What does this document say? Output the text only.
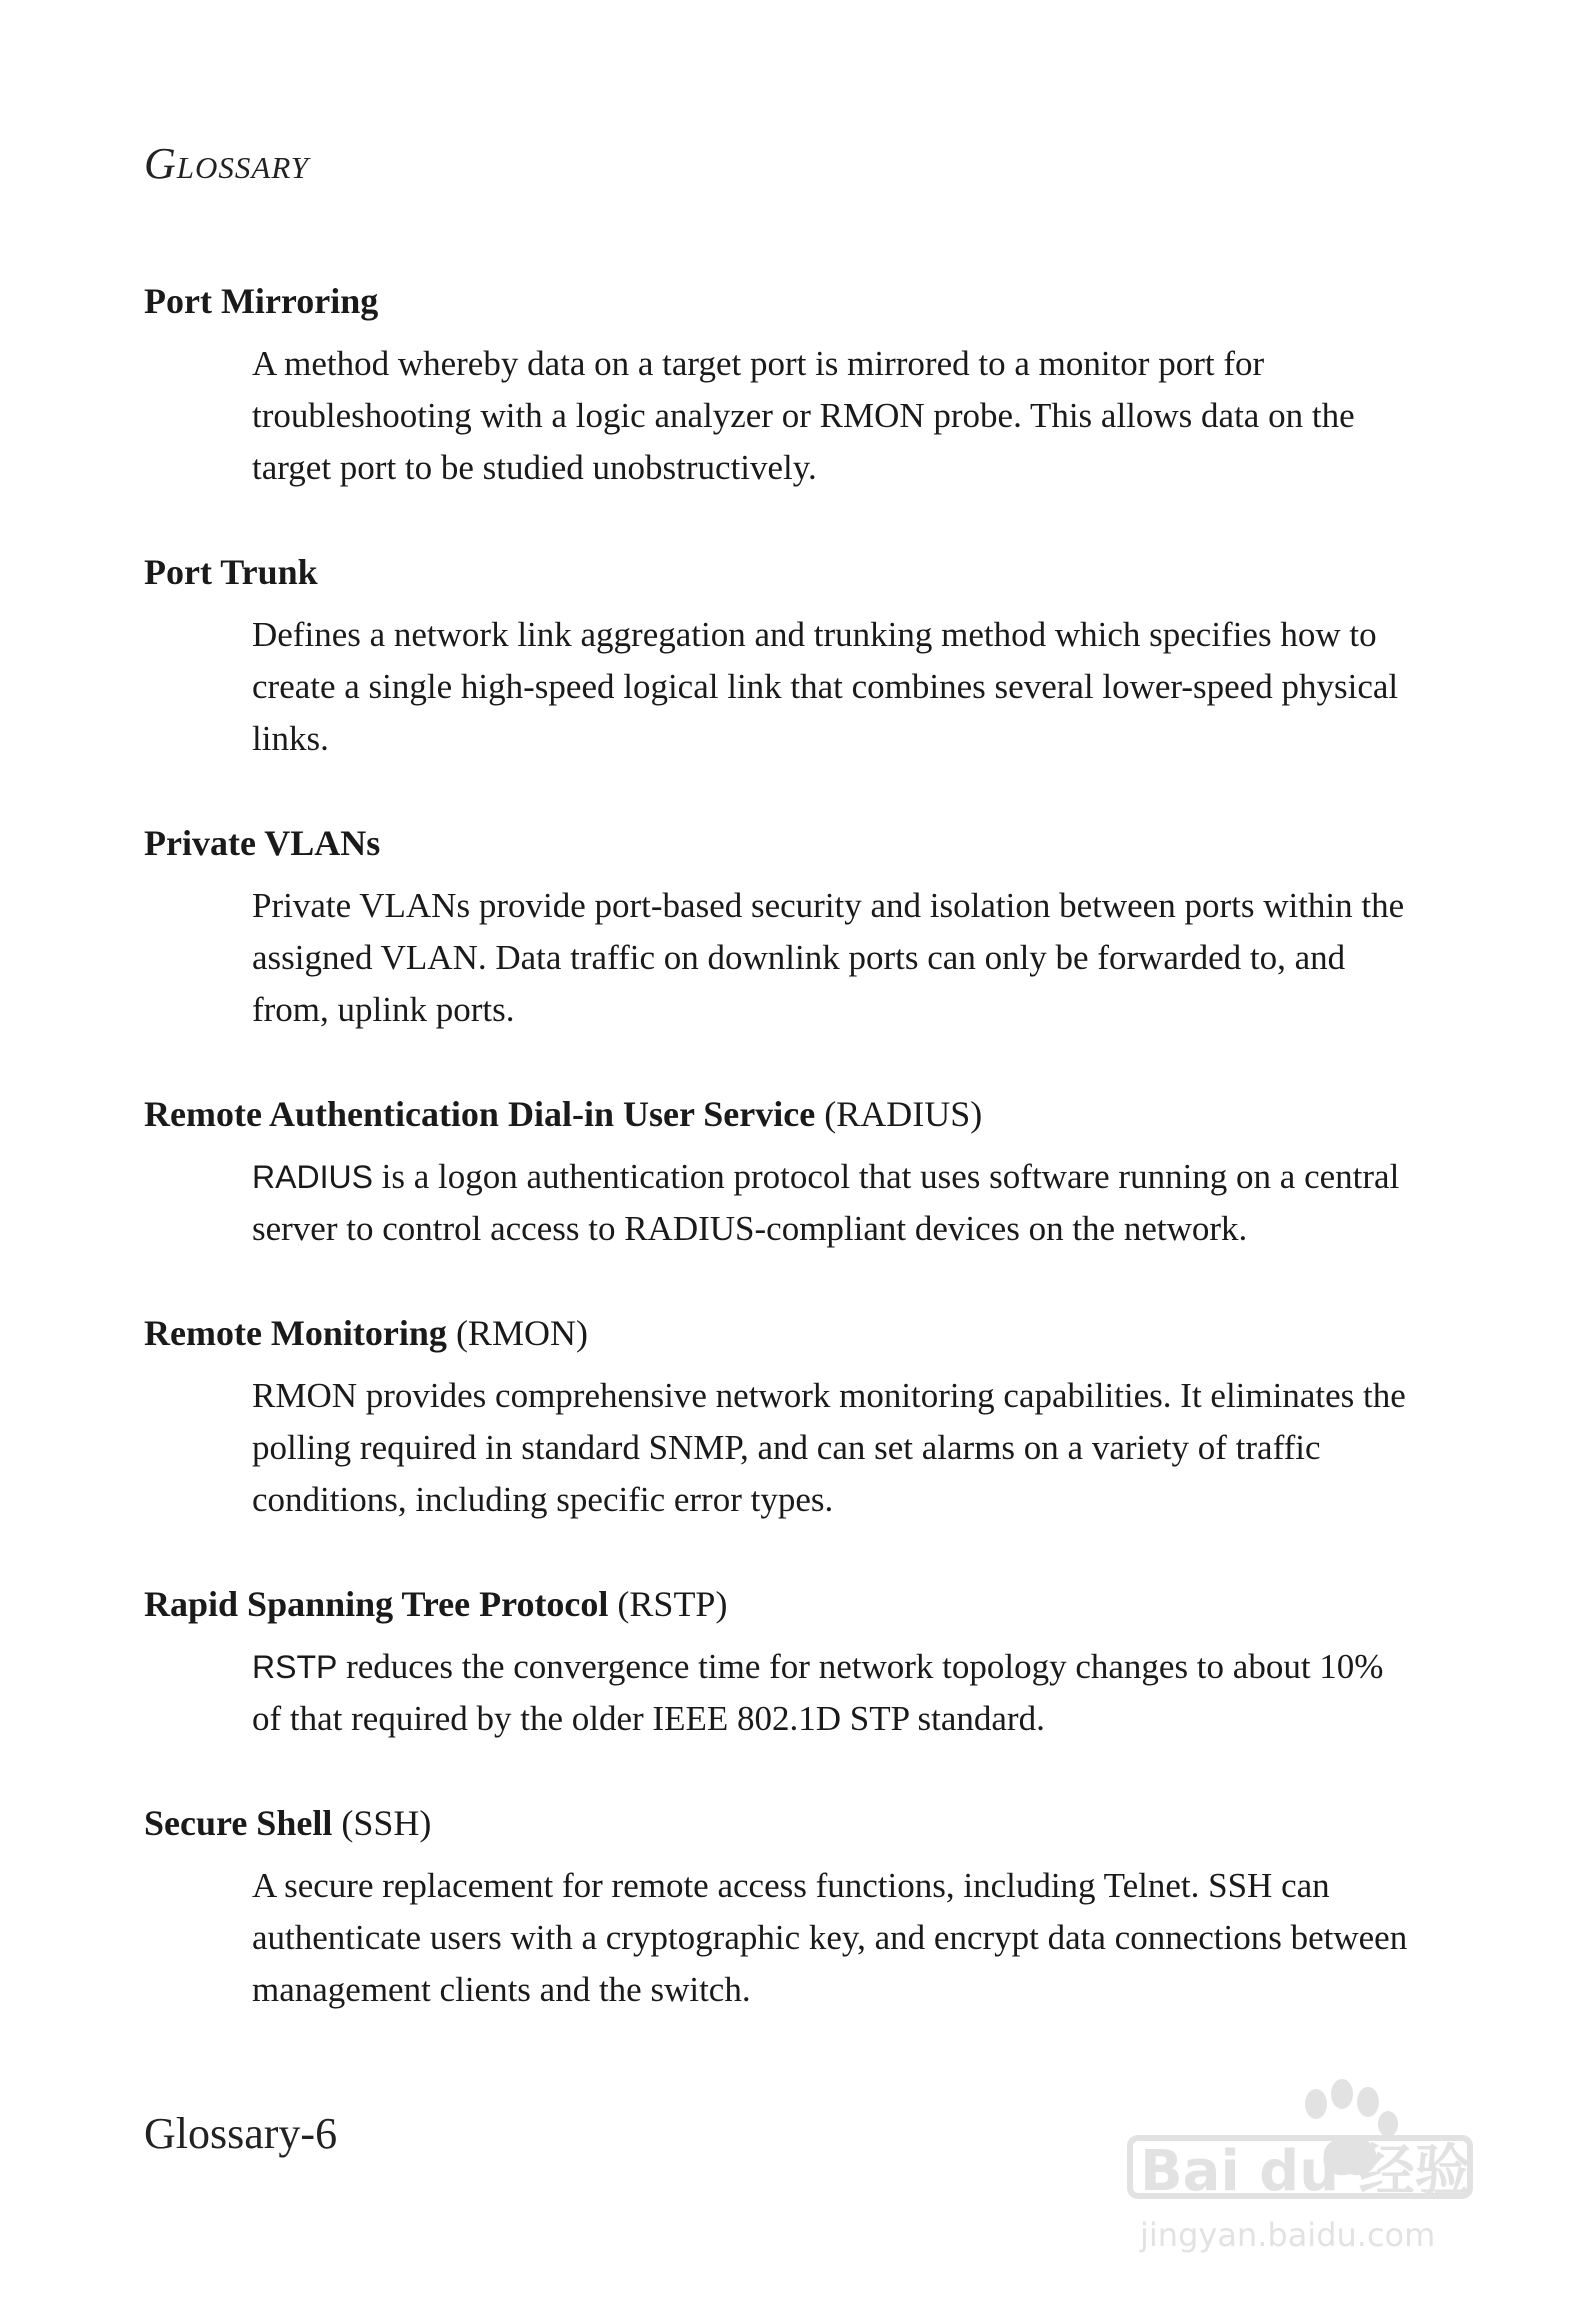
GLOSSARY
Port Mirroring
A method whereby data on a target port is mirrored to a monitor port for troubleshooting with a logic analyzer or RMON probe. This allows data on the target port to be studied unobstructively.
Port Trunk
Defines a network link aggregation and trunking method which specifies how to create a single high-speed logical link that combines several lower-speed physical links.
Private VLANs
Private VLANs provide port-based security and isolation between ports within the assigned VLAN. Data traffic on downlink ports can only be forwarded to, and from, uplink ports.
Remote Authentication Dial-in User Service (RADIUS)
RADIUS is a logon authentication protocol that uses software running on a central server to control access to RADIUS-compliant devices on the network.
Remote Monitoring (RMON)
RMON provides comprehensive network monitoring capabilities. It eliminates the polling required in standard SNMP, and can set alarms on a variety of traffic conditions, including specific error types.
Rapid Spanning Tree Protocol (RSTP)
RSTP reduces the convergence time for network topology changes to about 10% of that required by the older IEEE 802.1D STP standard.
Secure Shell (SSH)
A secure replacement for remote access functions, including Telnet. SSH can authenticate users with a cryptographic key, and encrypt data connections between management clients and the switch.
Glossary-6
Bai du 经验
jingyan.baidu.com
